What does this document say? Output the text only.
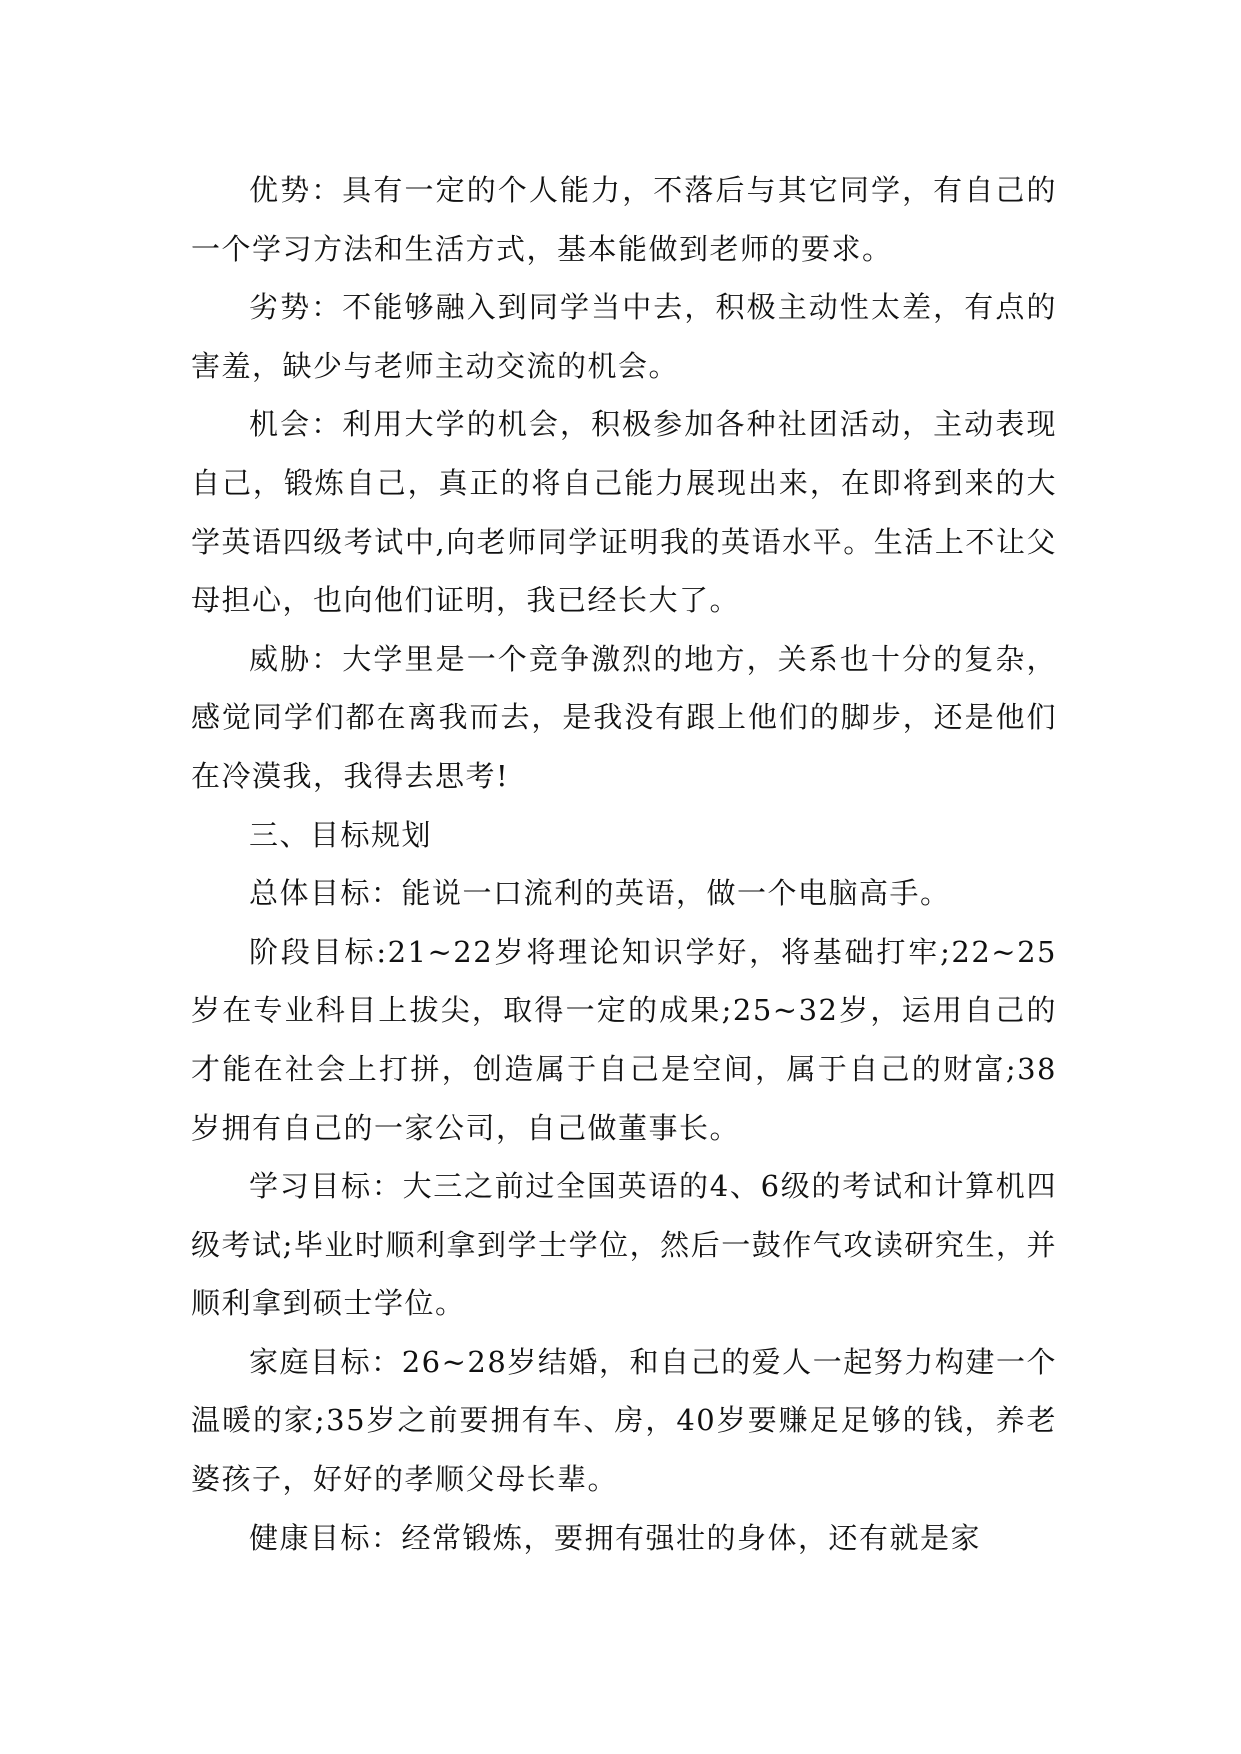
优势：具有一定的个人能力，不落后与其它同学，有自己的一个学习方法和生活方式，基本能做到老师的要求。

劣势：不能够融入到同学当中去，积极主动性太差，有点的害羞，缺少与老师主动交流的机会。

机会：利用大学的机会，积极参加各种社团活动，主动表现自己，锻炼自己，真正的将自己能力展现出来，在即将到来的大学英语四级考试中,向老师同学证明我的英语水平。生活上不让父母担心，也向他们证明，我已经长大了。

威胁：大学里是一个竞争激烈的地方，关系也十分的复杂，感觉同学们都在离我而去，是我没有跟上他们的脚步，还是他们在冷漠我，我得去思考!

三、目标规划

总体目标：能说一口流利的英语，做一个电脑高手。

阶段目标:21~22岁将理论知识学好，将基础打牢;22~25岁在专业科目上拔尖，取得一定的成果;25~32岁，运用自己的才能在社会上打拼，创造属于自己是空间，属于自己的财富;38岁拥有自己的一家公司，自己做董事长。

学习目标：大三之前过全国英语的4、6级的考试和计算机四级考试;毕业时顺利拿到学士学位，然后一鼓作气攻读研究生，并顺利拿到硕士学位。

家庭目标：26~28岁结婚，和自己的爱人一起努力构建一个温暖的家;35岁之前要拥有车、房，40岁要赚足足够的钱，养老婆孩子，好好的孝顺父母长辈。

健康目标：经常锻炼，要拥有强壮的身体，还有就是家
